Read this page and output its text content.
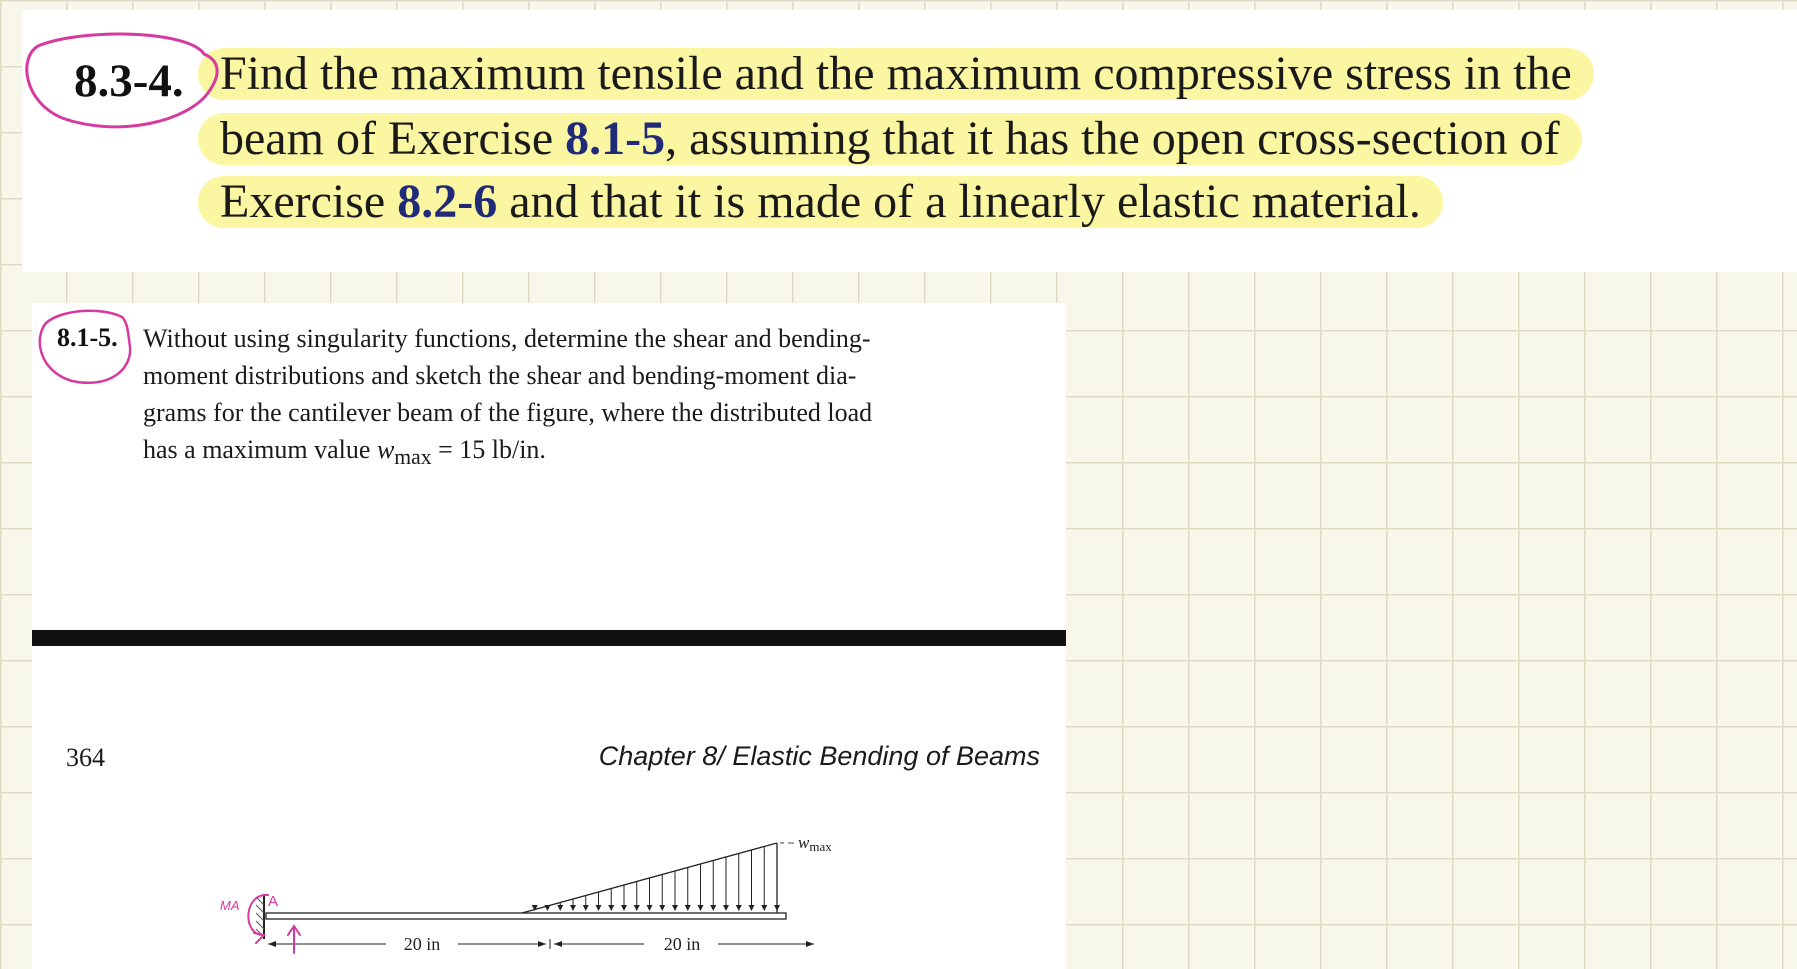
Find the maximum tensile and the maximum compressive stress in the
beam of Exercise 8.1-5, assuming that it has the open cross-section of
Exercise 8.2-6 and that it is made of a linearly elastic material.
8.3-4.
8.1-5. Without using singularity functions, determine the shear and bending-
moment distributions and sketch the shear and bending-moment dia-
grams for the cantilever beam of the figure, where the distributed load
has a maximum value $w_{max} = 15$ lb/in.
364	Chapter 8/ Elastic Bending of Beams
wmax
A
20 in	20 in
MA
